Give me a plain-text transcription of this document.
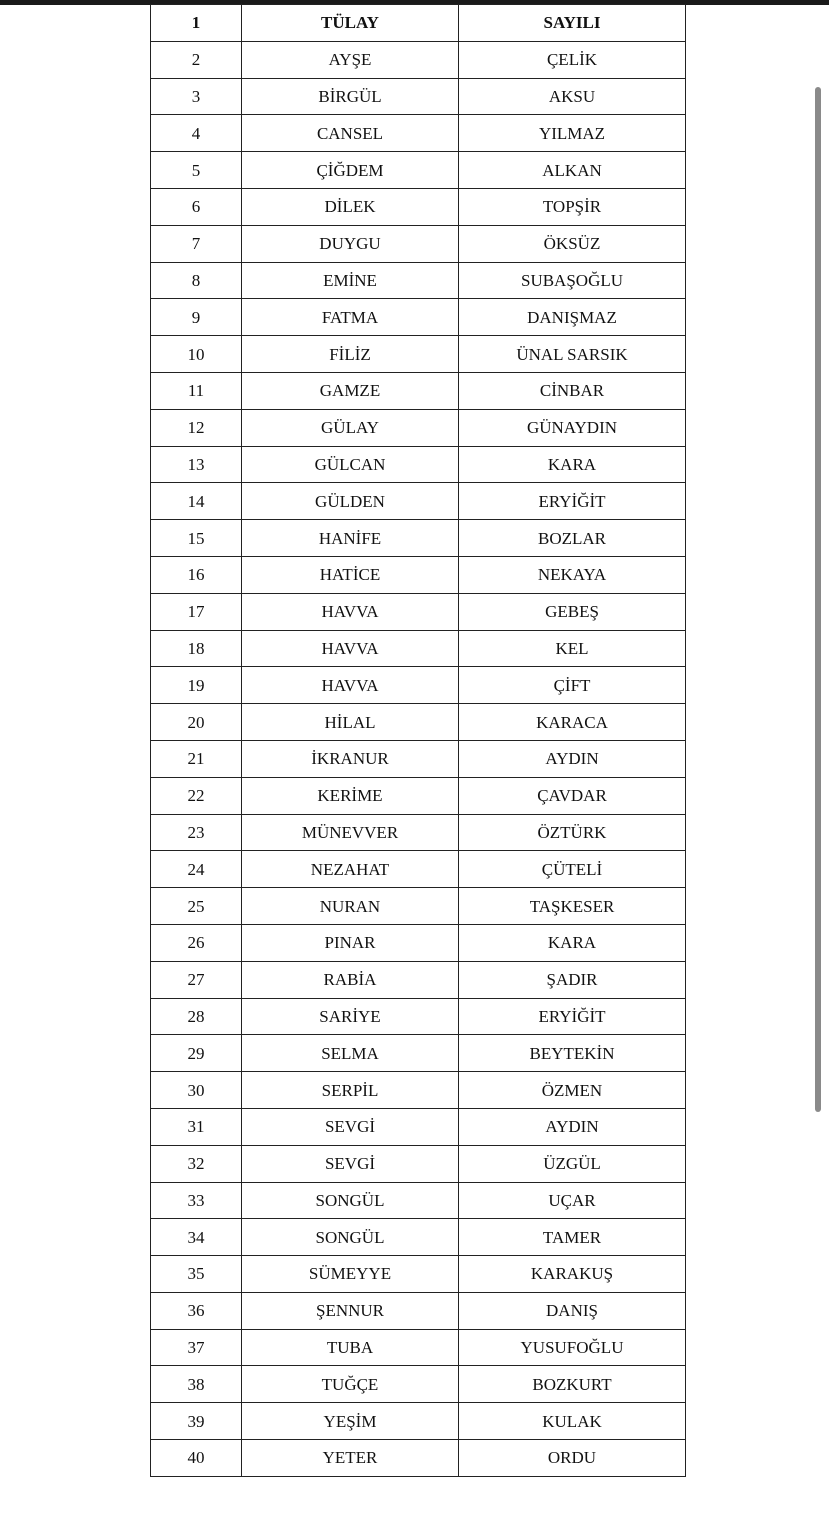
1	TÜLAY	SAYILI
2	AYŞE	ÇELİK
3	BİRGÜL	AKSU
4	CANSEL	YILMAZ
5	ÇİĞDEM	ALKAN
6	DİLEK	TOPŞİR
7	DUYGU	ÖKSÜZ
8	EMİNE	SUBAŞOĞLU
9	FATMA	DANIŞMAZ
10	FİLİZ	ÜNAL SARSIK
11	GAMZE	CİNBAR
12	GÜLAY	GÜNAYDIN
13	GÜLCAN	KARA
14	GÜLDEN	ERYİĞİT
15	HANİFE	BOZLAR
16	HATİCE	NEKAYA
17	HAVVA	GEBEŞ
18	HAVVA	KEL
19	HAVVA	ÇİFT
20	HİLAL	KARACA
21	İKRANUR	AYDIN
22	KERİME	ÇAVDAR
23	MÜNEVVER	ÖZTÜRK
24	NEZAHAT	ÇÜTELİ
25	NURAN	TAŞKESER
26	PINAR	KARA
27	RABİA	ŞADIR
28	SARİYE	ERYİĞİT
29	SELMA	BEYTEKİN
30	SERPİL	ÖZMEN
31	SEVGİ	AYDIN
32	SEVGİ	ÜZGÜL
33	SONGÜL	UÇAR
34	SONGÜL	TAMER
35	SÜMEYYE	KARAKUŞ
36	ŞENNUR	DANIŞ
37	TUBA	YUSUFOĞLU
38	TUĞÇE	BOZKURT
39	YEŞİM	KULAK
40	YETER	ORDU
